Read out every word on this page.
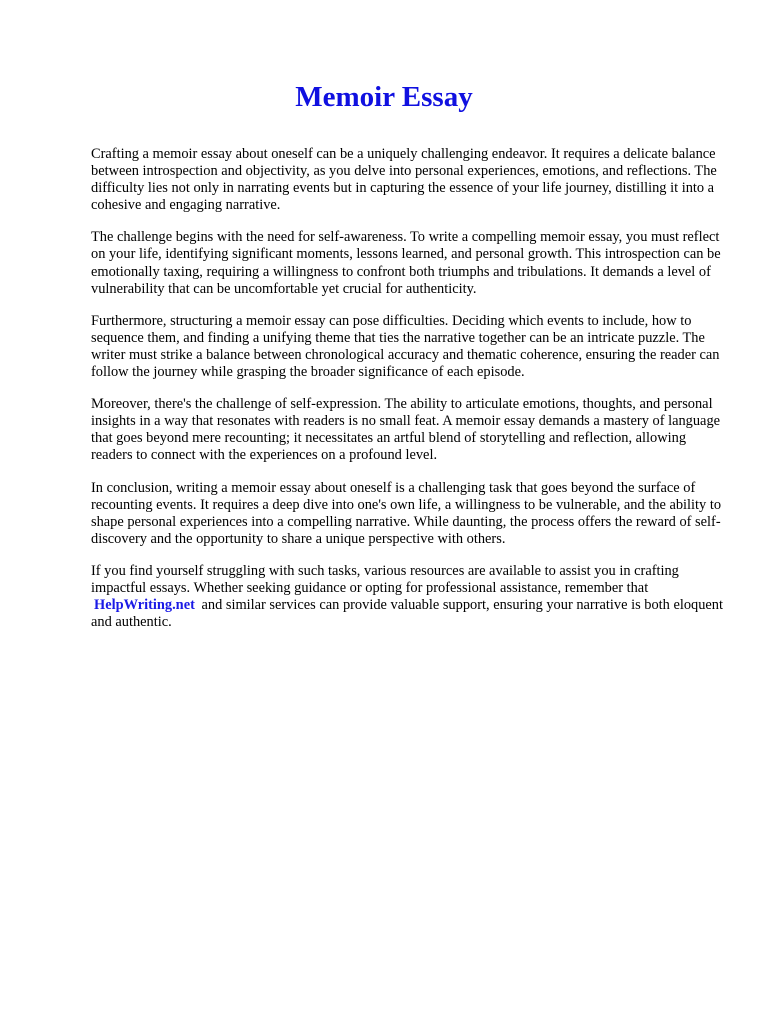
Memoir Essay

Crafting a memoir essay about oneself can be a uniquely challenging endeavor. It requires a delicate balance between introspection and objectivity, as you delve into personal experiences, emotions, and reflections. The difficulty lies not only in narrating events but in capturing the essence of your life journey, distilling it into a cohesive and engaging narrative.

The challenge begins with the need for self-awareness. To write a compelling memoir essay, you must reflect on your life, identifying significant moments, lessons learned, and personal growth. This introspection can be emotionally taxing, requiring a willingness to confront both triumphs and tribulations. It demands a level of vulnerability that can be uncomfortable yet crucial for authenticity.

Furthermore, structuring a memoir essay can pose difficulties. Deciding which events to include, how to sequence them, and finding a unifying theme that ties the narrative together can be an intricate puzzle. The writer must strike a balance between chronological accuracy and thematic coherence, ensuring the reader can follow the journey while grasping the broader significance of each episode.

Moreover, there's the challenge of self-expression. The ability to articulate emotions, thoughts, and personal insights in a way that resonates with readers is no small feat. A memoir essay demands a mastery of language that goes beyond mere recounting; it necessitates an artful blend of storytelling and reflection, allowing readers to connect with the experiences on a profound level.

In conclusion, writing a memoir essay about oneself is a challenging task that goes beyond the surface of recounting events. It requires a deep dive into one's own life, a willingness to be vulnerable, and the ability to shape personal experiences into a compelling narrative. While daunting, the process offers the reward of self-discovery and the opportunity to share a unique perspective with others.

If you find yourself struggling with such tasks, various resources are available to assist you in crafting impactful essays. Whether seeking guidance or opting for professional assistance, remember that HelpWriting.net and similar services can provide valuable support, ensuring your narrative is both eloquent and authentic.
